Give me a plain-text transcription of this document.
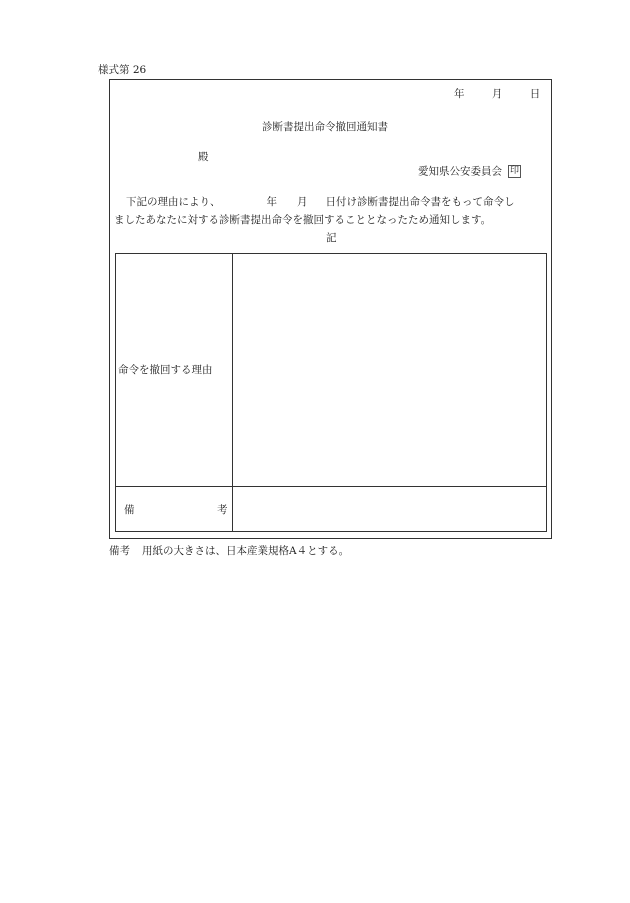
様式第 26
年	月	日
診断書提出命令撤回通知書
殿
愛知県公安委員会 印
下記の理由により、	年 月 日付け診断書提出命令書をもって命令し
ましたあなたに対する診断書提出命令を撤回することとなったため通知します。
記
命令を撤回する理由
備	考
備考 用紙の大きさは、日本産業規格A４とする。
